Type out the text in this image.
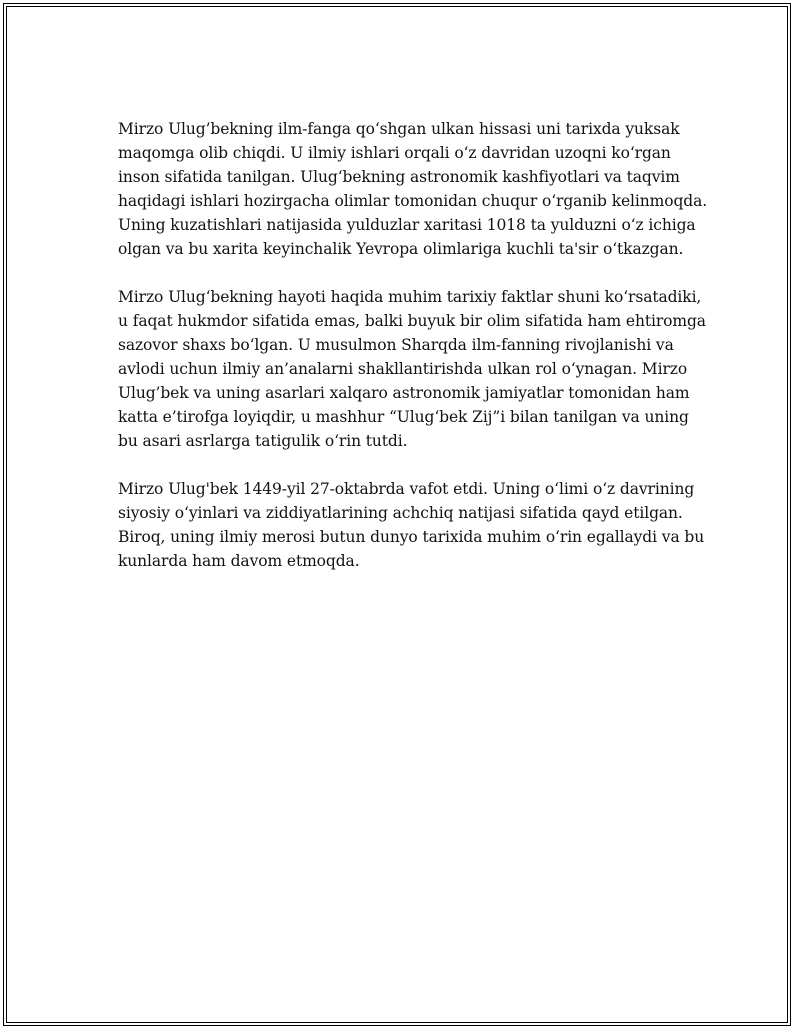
Mirzo Ulug’bekning ilm-fanga qo‘shgan ulkan hissasi uni tarixda yuksak
maqomga olib chiqdi. U ilmiy ishlari orqali o‘z davridan uzoqni ko‘rgan
inson sifatida tanilgan. Ulug‘bekning astronomik kashfiyotlari va taqvim
haqidagi ishlari hozirgacha olimlar tomonidan chuqur o‘rganib kelinmoqda.
Uning kuzatishlari natijasida yulduzlar xaritasi 1018 ta yulduzni o‘z ichiga
olgan va bu xarita keyinchalik Yevropa olimlariga kuchli ta'sir o‘tkazgan.

Mirzo Ulug‘bekning hayoti haqida muhim tarixiy faktlar shuni ko‘rsatadiki,
u faqat hukmdor sifatida emas, balki buyuk bir olim sifatida ham ehtiromga
sazovor shaxs bo‘lgan. U musulmon Sharqda ilm-fanning rivojlanishi va
avlodi uchun ilmiy an’analarni shakllantirishda ulkan rol o‘ynagan. Mirzo
Ulug’bek va uning asarlari xalqaro astronomik jamiyatlar tomonidan ham
katta e’tirofga loyiqdir, u mashhur “Ulug‘bek Zij”i bilan tanilgan va uning
bu asari asrlarga tatigulik o‘rin tutdi.

Mirzo Ulug'bek 1449-yil 27-oktabrda vafot etdi. Uning o‘limi o‘z davrining
siyosiy o‘yinlari va ziddiyatlarining achchiq natijasi sifatida qayd etilgan.
Biroq, uning ilmiy merosi butun dunyo tarixida muhim o‘rin egallaydi va bu
kunlarda ham davom etmoqda.
